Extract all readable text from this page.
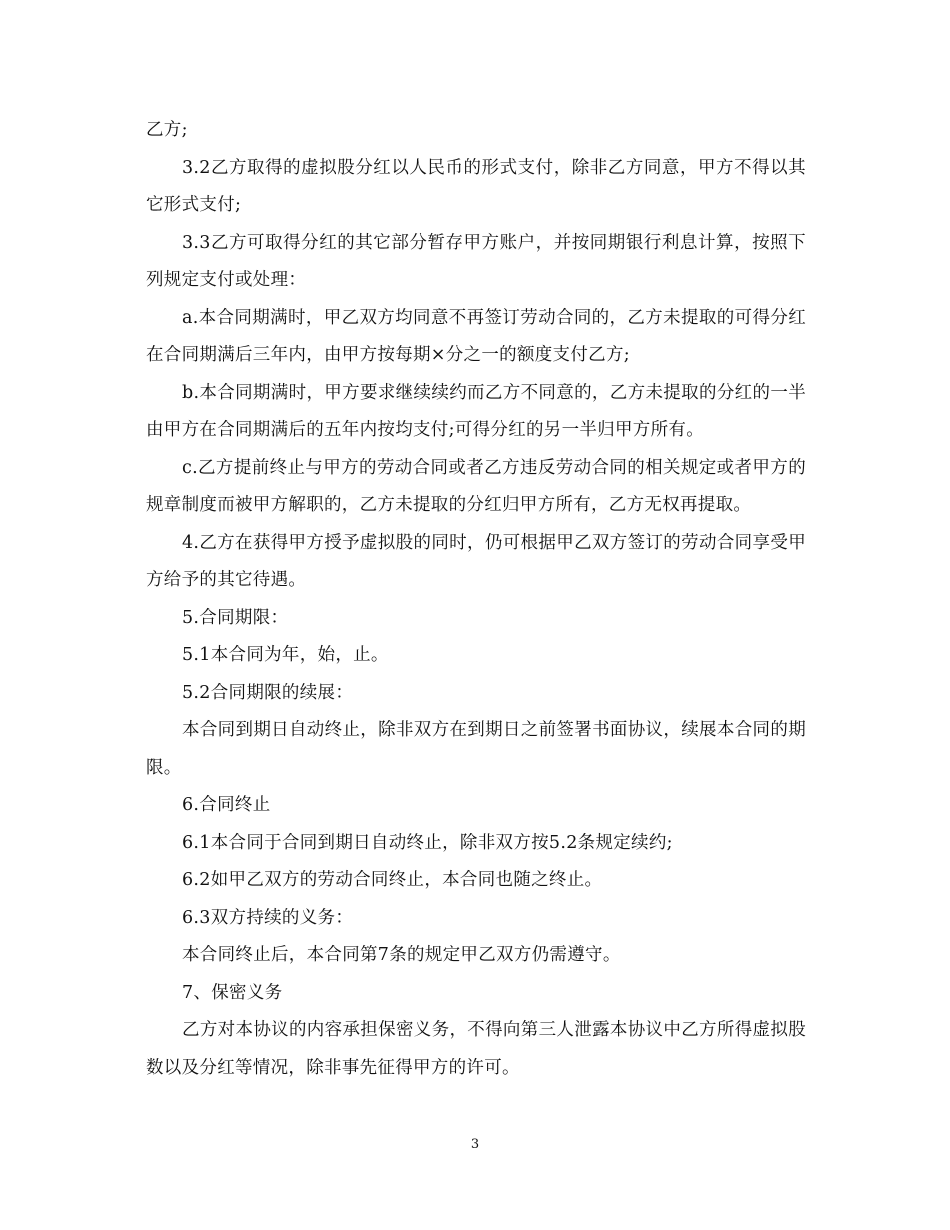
乙方;

3.2乙方取得的虚拟股分红以人民币的形式支付，除非乙方同意，甲方不得以其它形式支付;

3.3乙方可取得分红的其它部分暂存甲方账户，并按同期银行利息计算，按照下列规定支付或处理：

a.本合同期满时，甲乙双方均同意不再签订劳动合同的，乙方未提取的可得分红在合同期满后三年内，由甲方按每期×分之一的额度支付乙方;

b.本合同期满时，甲方要求继续续约而乙方不同意的，乙方未提取的分红的一半由甲方在合同期满后的五年内按均支付;可得分红的另一半归甲方所有。

c.乙方提前终止与甲方的劳动合同或者乙方违反劳动合同的相关规定或者甲方的规章制度而被甲方解职的，乙方未提取的分红归甲方所有，乙方无权再提取。

4.乙方在获得甲方授予虚拟股的同时，仍可根据甲乙双方签订的劳动合同享受甲方给予的其它待遇。

5.合同期限：

5.1本合同为年，始，止。

5.2合同期限的续展：

本合同到期日自动终止，除非双方在到期日之前签署书面协议，续展本合同的期限。

6.合同终止

6.1本合同于合同到期日自动终止，除非双方按5.2条规定续约;

6.2如甲乙双方的劳动合同终止，本合同也随之终止。

6.3双方持续的义务：

本合同终止后，本合同第7条的规定甲乙双方仍需遵守。

7、保密义务

乙方对本协议的内容承担保密义务，不得向第三人泄露本协议中乙方所得虚拟股数以及分红等情况，除非事先征得甲方的许可。

3
